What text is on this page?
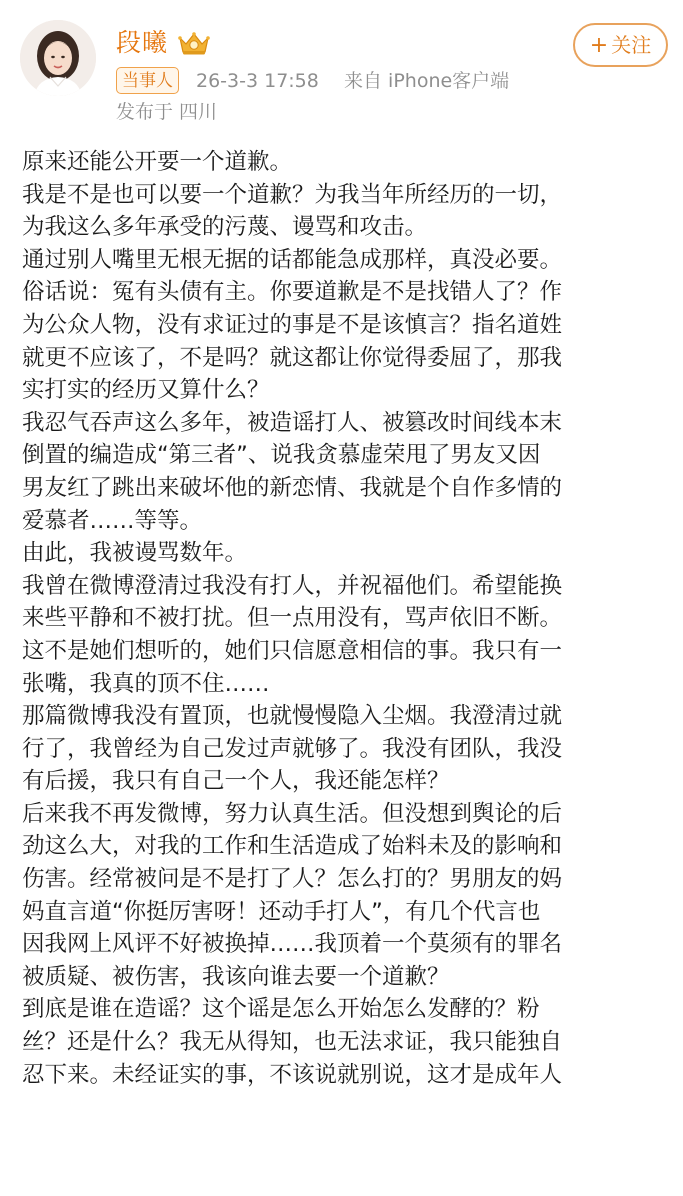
段曦
当事人	26-3-3 17:58 来自 iPhone客户端
发布于 四川
+ 关注

原来还能公开要一个道歉。

我是不是也可以要一个道歉？为我当年所经历的一切，
为我这么多年承受的污蔑、谩骂和攻击。

通过别人嘴里无根无据的话都能急成那样，真没必要。

俗话说：冤有头债有主。你要道歉是不是找错人了？作
为公众人物，没有求证过的事是不是该慎言？指名道姓
就更不应该了，不是吗？就这都让你觉得委屈了，那我
实打实的经历又算什么？

我忍气吞声这么多年，被造谣打人、被篡改时间线本末
倒置的编造成“第三者”、说我贪慕虚荣甩了男友又因
男友红了跳出来破坏他的新恋情、我就是个自作多情的
爱慕者……等等。

由此，我被谩骂数年。

我曾在微博澄清过我没有打人，并祝福他们。希望能换
来些平静和不被打扰。但一点用没有，骂声依旧不断。
这不是她们想听的，她们只信愿意相信的事。我只有一
张嘴，我真的顶不住……

那篇微博我没有置顶，也就慢慢隐入尘烟。我澄清过就
行了，我曾经为自己发过声就够了。我没有团队，我没
有后援，我只有自己一个人，我还能怎样？

后来我不再发微博，努力认真生活。但没想到舆论的后
劲这么大，对我的工作和生活造成了始料未及的影响和
伤害。经常被问是不是打了人？怎么打的？男朋友的妈
妈直言道“你挺厉害呀！还动手打人”，有几个代言也
因我网上风评不好被换掉……我顶着一个莫须有的罪名
被质疑、被伤害，我该向谁去要一个道歉？

到底是谁在造谣？这个谣是怎么开始怎么发酵的？粉
丝？还是什么？我无从得知，也无法求证，我只能独自
忍下来。未经证实的事，不该说就别说，这才是成年人
